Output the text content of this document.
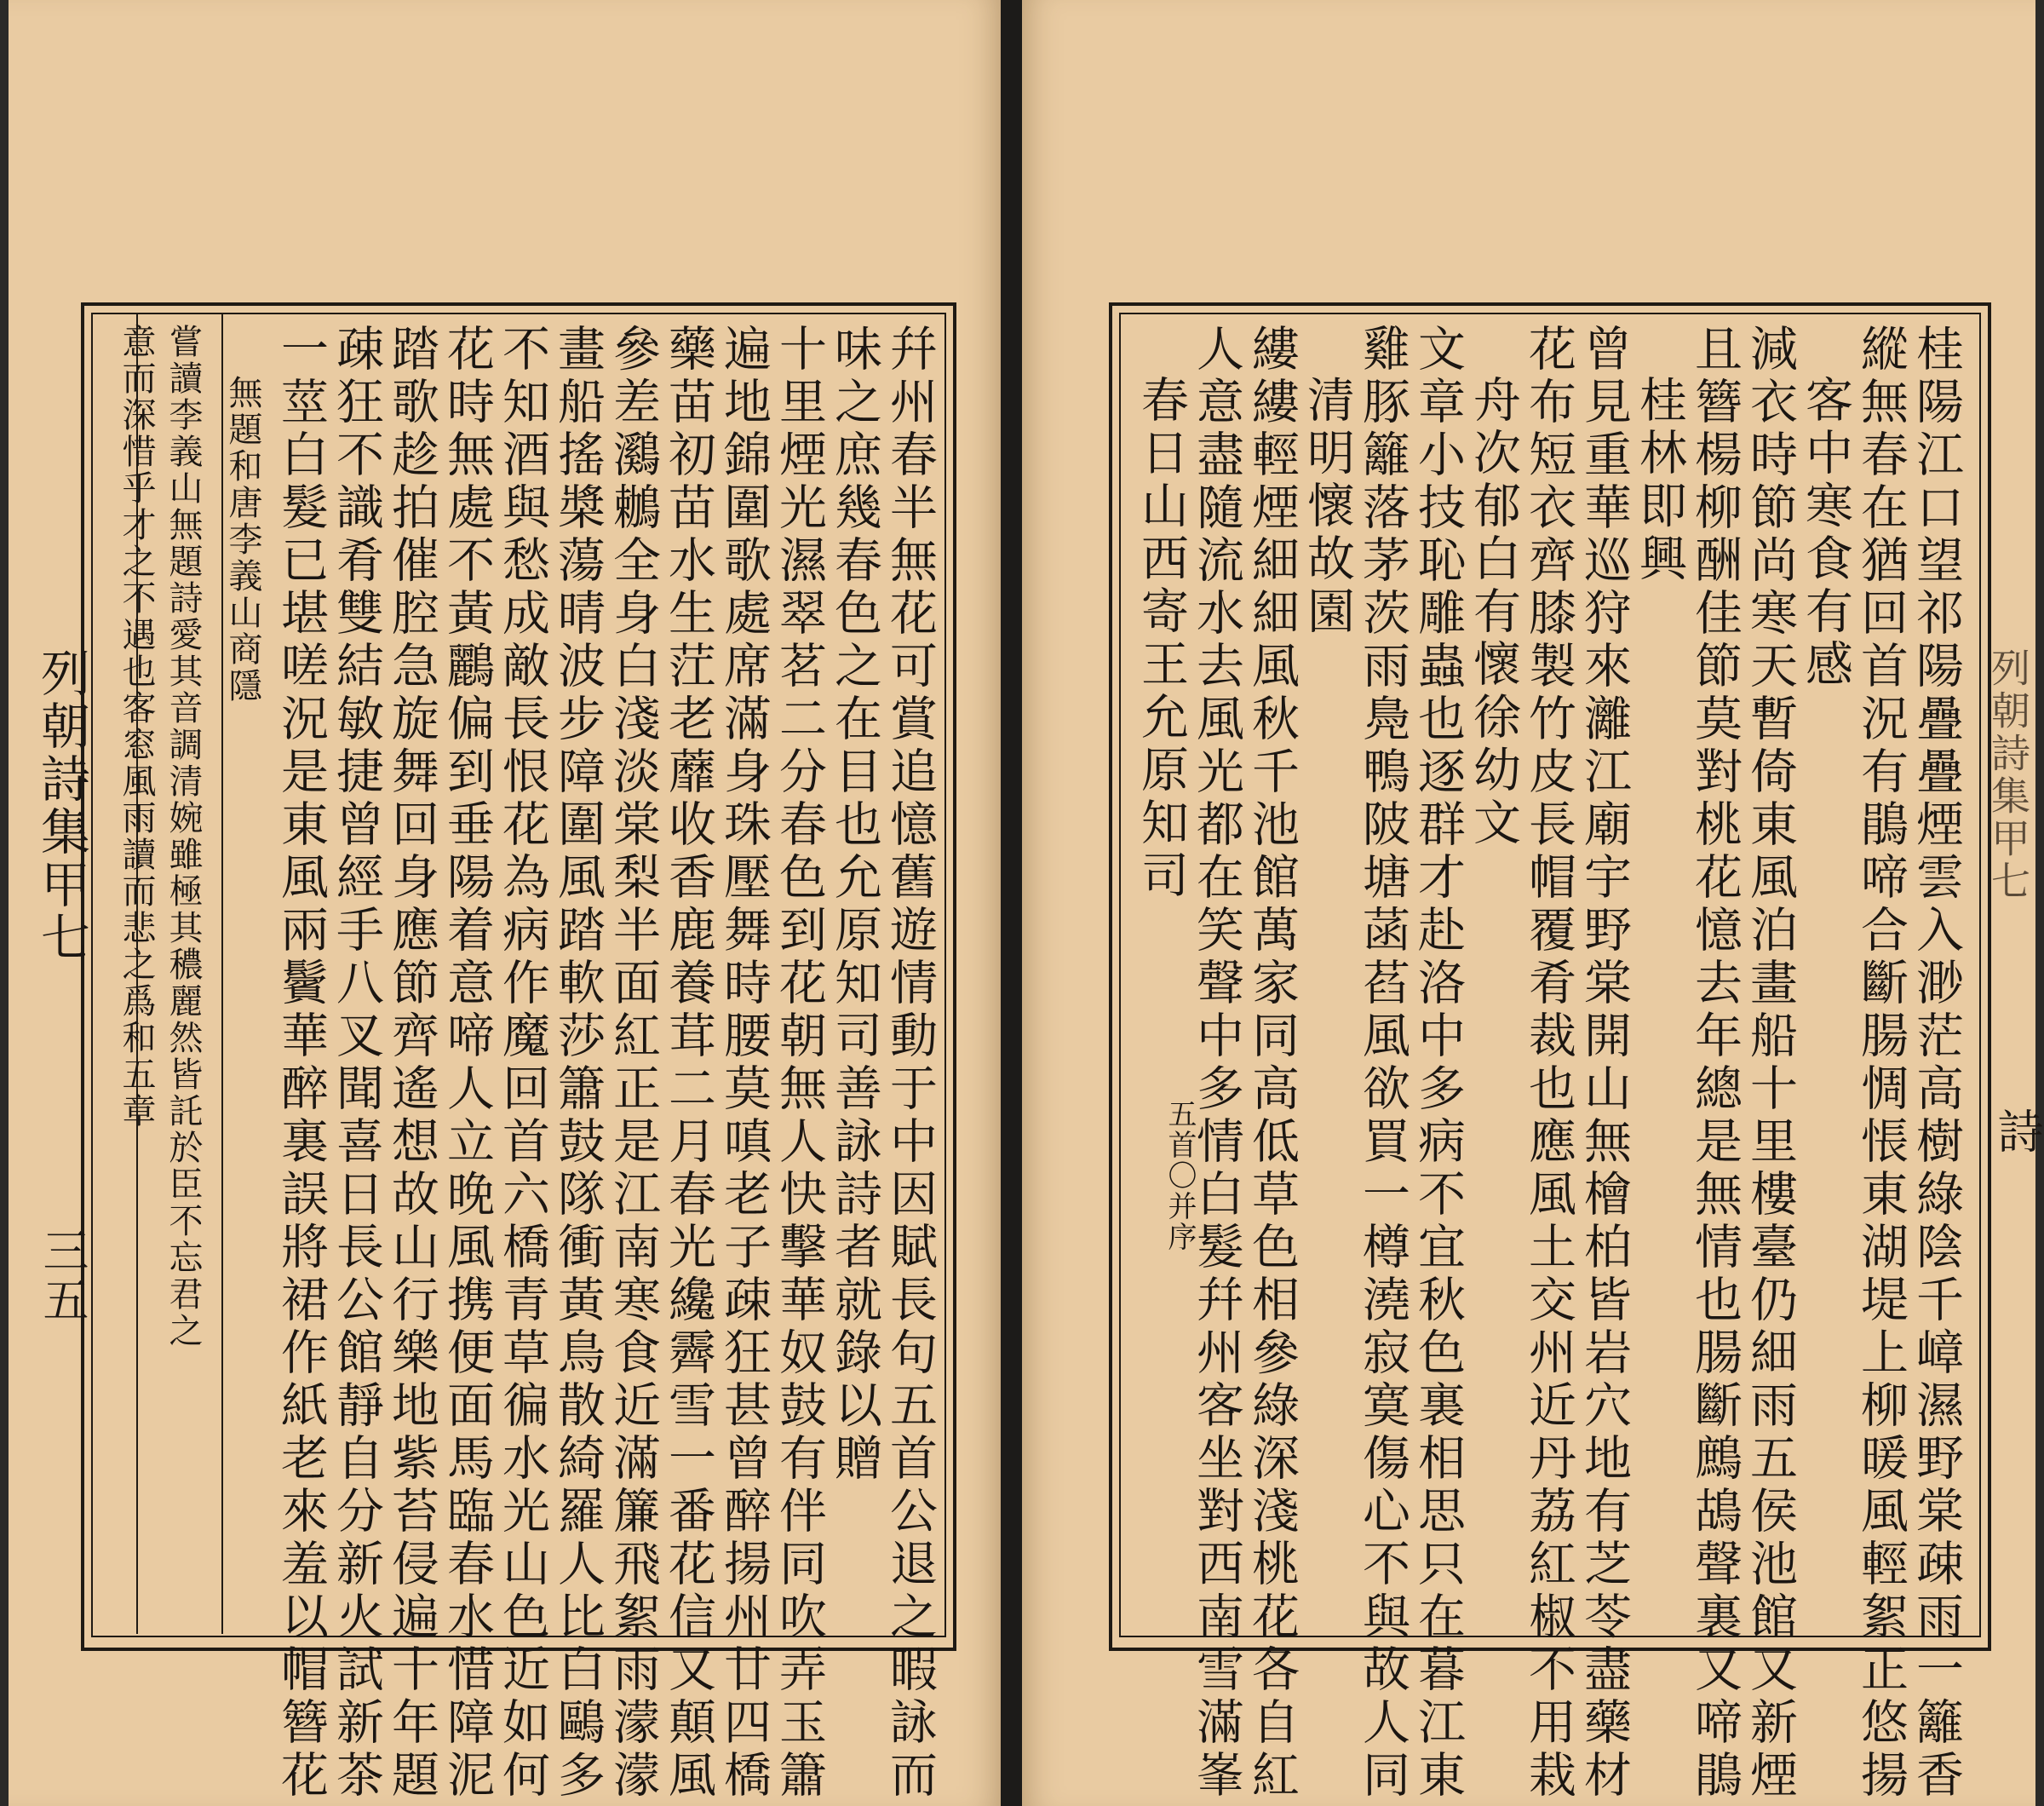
幷州春半無花可賞追憶舊遊情動于中因賦長句五首公退之暇詠而
味之庶幾春色之在目也允原知司善詠詩者就錄以贈
十里煙光濕翠茗二分春色到花朝無人快擊華奴鼓有伴同吹弄玉簫
遍地錦圍歌處席滿身珠壓舞時腰莫嗔老子疎狂甚曾醉揚州廿四橋
藥苗初苗水生茳老蘼收香鹿養茸二月春光纔霽雪一番花信又顛風
參差鸂鶒全身白淺淡棠梨半面紅正是江南寒食近滿簾飛絮雨濛濛
畫船搖槳蕩晴波步障圍風踏軟莎簫鼓隊衝黃鳥散綺羅人比白鷗多
不知酒與愁成敵長恨花為病作魔回首六橋青草徧水光山色近如何
花時無處不黃鸝偏到垂陽着意啼人立晚風携便面馬臨春水惜障泥
踏歌趁拍催腔急旋舞回身應節齊遙想故山行樂地紫苔侵遍十年題
疎狂不識肴雙結敏捷曾經手八叉聞喜日長公館靜自分新火試新茶
一莖白髮已堪嗟況是東風兩鬢華醉裏誤將裙作紙老來羞以帽簪花
無題和唐李義山商隱
嘗讀李義山無題詩愛其音調清婉雖極其穠麗然皆託於臣不忘君之
意而深惜乎才之不遇也客窓風雨讀而悲之爲和五章
列朝詩集甲七
三五	桂陽江口望祁陽疊疊煙雲入渺茫高樹綠陰千嶂濕野棠疎雨一籬香
縱無春在猶回首況有鵑啼合斷腸惆悵東湖堤上柳暖風輕絮正悠揚
客中寒食有感
減衣時節尚寒天暫倚東風泊畫船十里樓臺仍細雨五侯池館又新煙
且簪楊柳酬佳節莫對桃花憶去年總是無情也腸斷鷓鴣聲裏又啼鵑
桂林即興
曾見重華巡狩來灕江廟宇野棠開山無檜柏皆岩穴地有芝苓盡藥材
花布短衣齊膝製竹皮長帽覆肴裁也應風土交州近丹荔紅椒不用栽
舟次郁白有懷徐幼文
文章小技恥雕蟲也逐群才赴洛中多病不宜秋色裏相思只在暮江東
雞豚籬落茅茨雨鳧鴨陂塘菡萏風欲買一樽澆寂寞傷心不與故人同
清明懷故園
縷縷輕煙細細風秋千池館萬家同高低草色相參綠深淺桃花各自紅
人意盡隨流水去風光都在笑聲中多情白髮幷州客坐對西南雪滿峯
春日山西寄王允原知司
五首〇并序
列朝詩集甲七
詩
